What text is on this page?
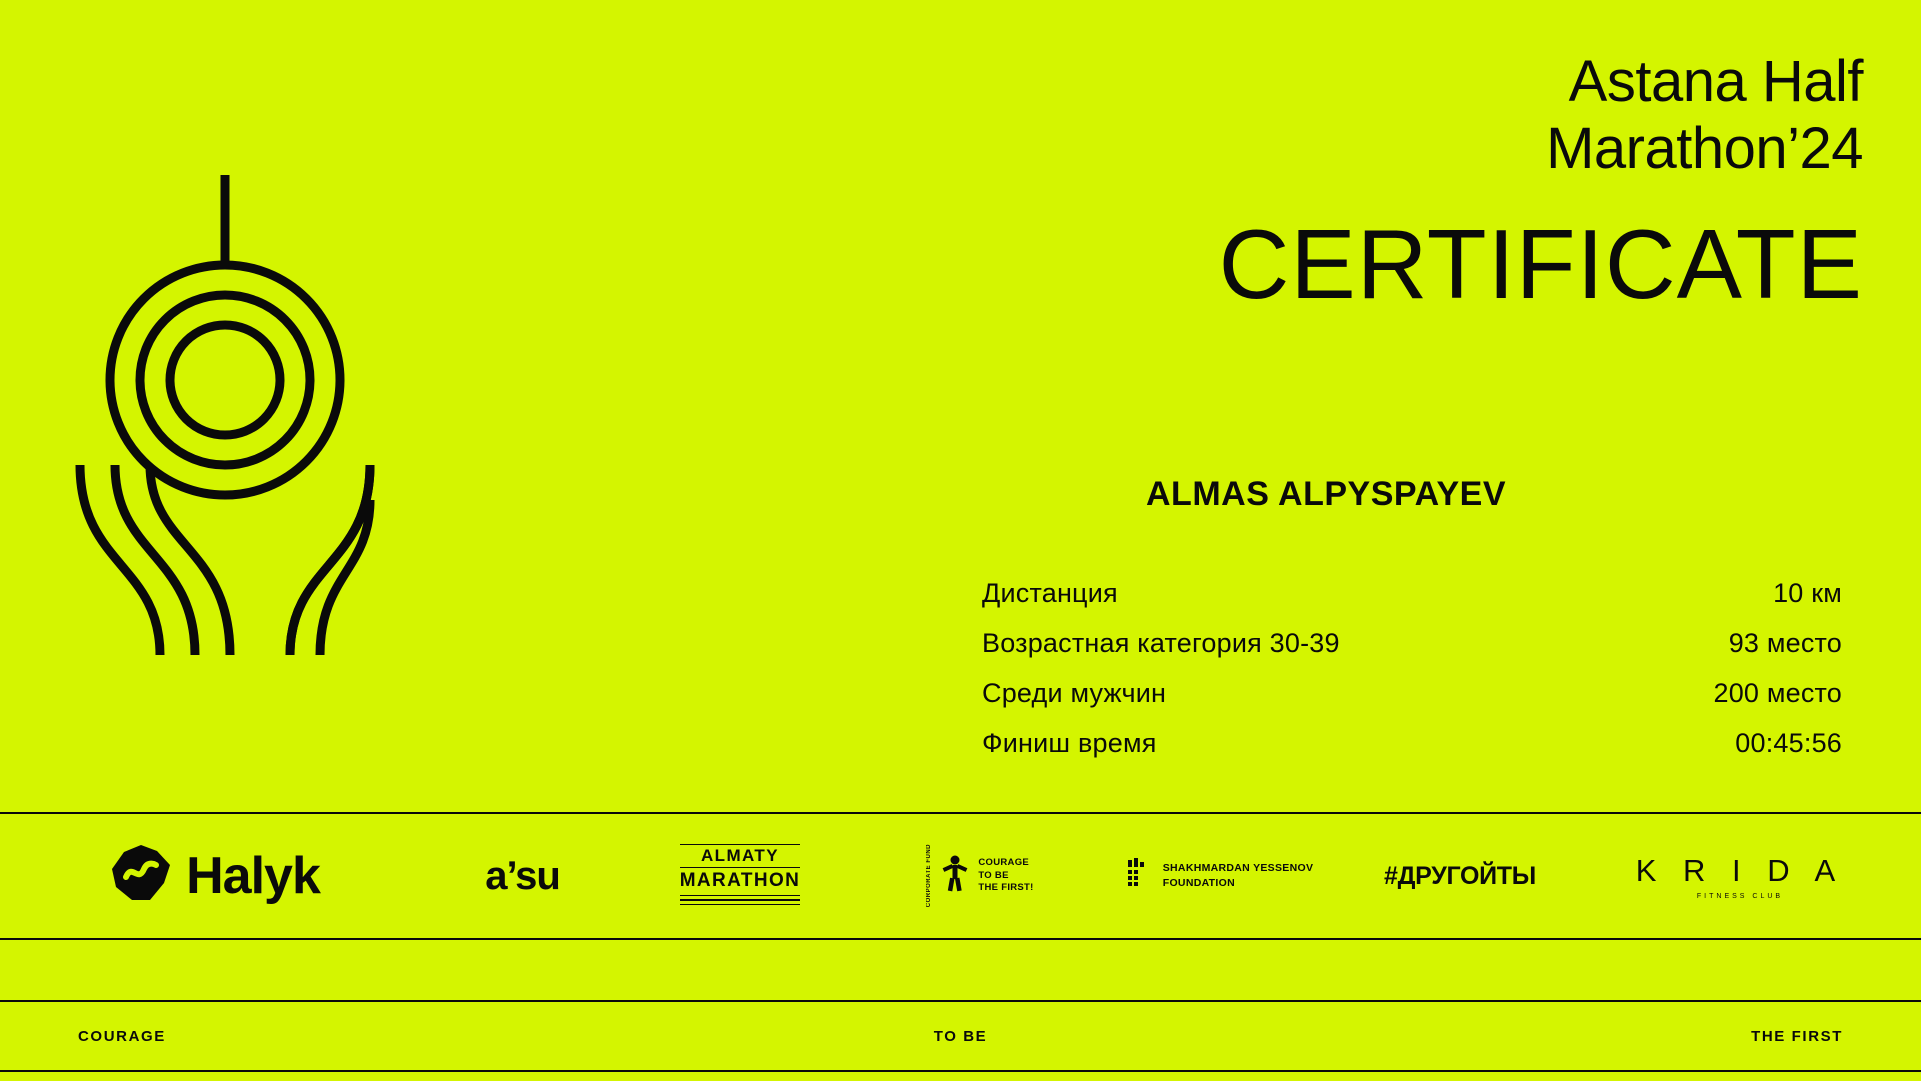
Astana Half
Marathon’24
CERTIFICATE
ALMAS ALPYSPAYEV
Дистанция	10 км
Возрастная категория 30-39	93 место
Среди мужчин	200 место
Финиш время	00:45:56
Halyk	a’su	ALMATY
MARATHON	CORPORATE FUND	COURAGE
TO BE
THE FIRST!
SHAKHMARDAN YESSENOV
FOUNDATION	#ДРУГОЙТЫ	K R I D A
FITNESS CLUB
COURAGE	TO BE	THE FIRST
